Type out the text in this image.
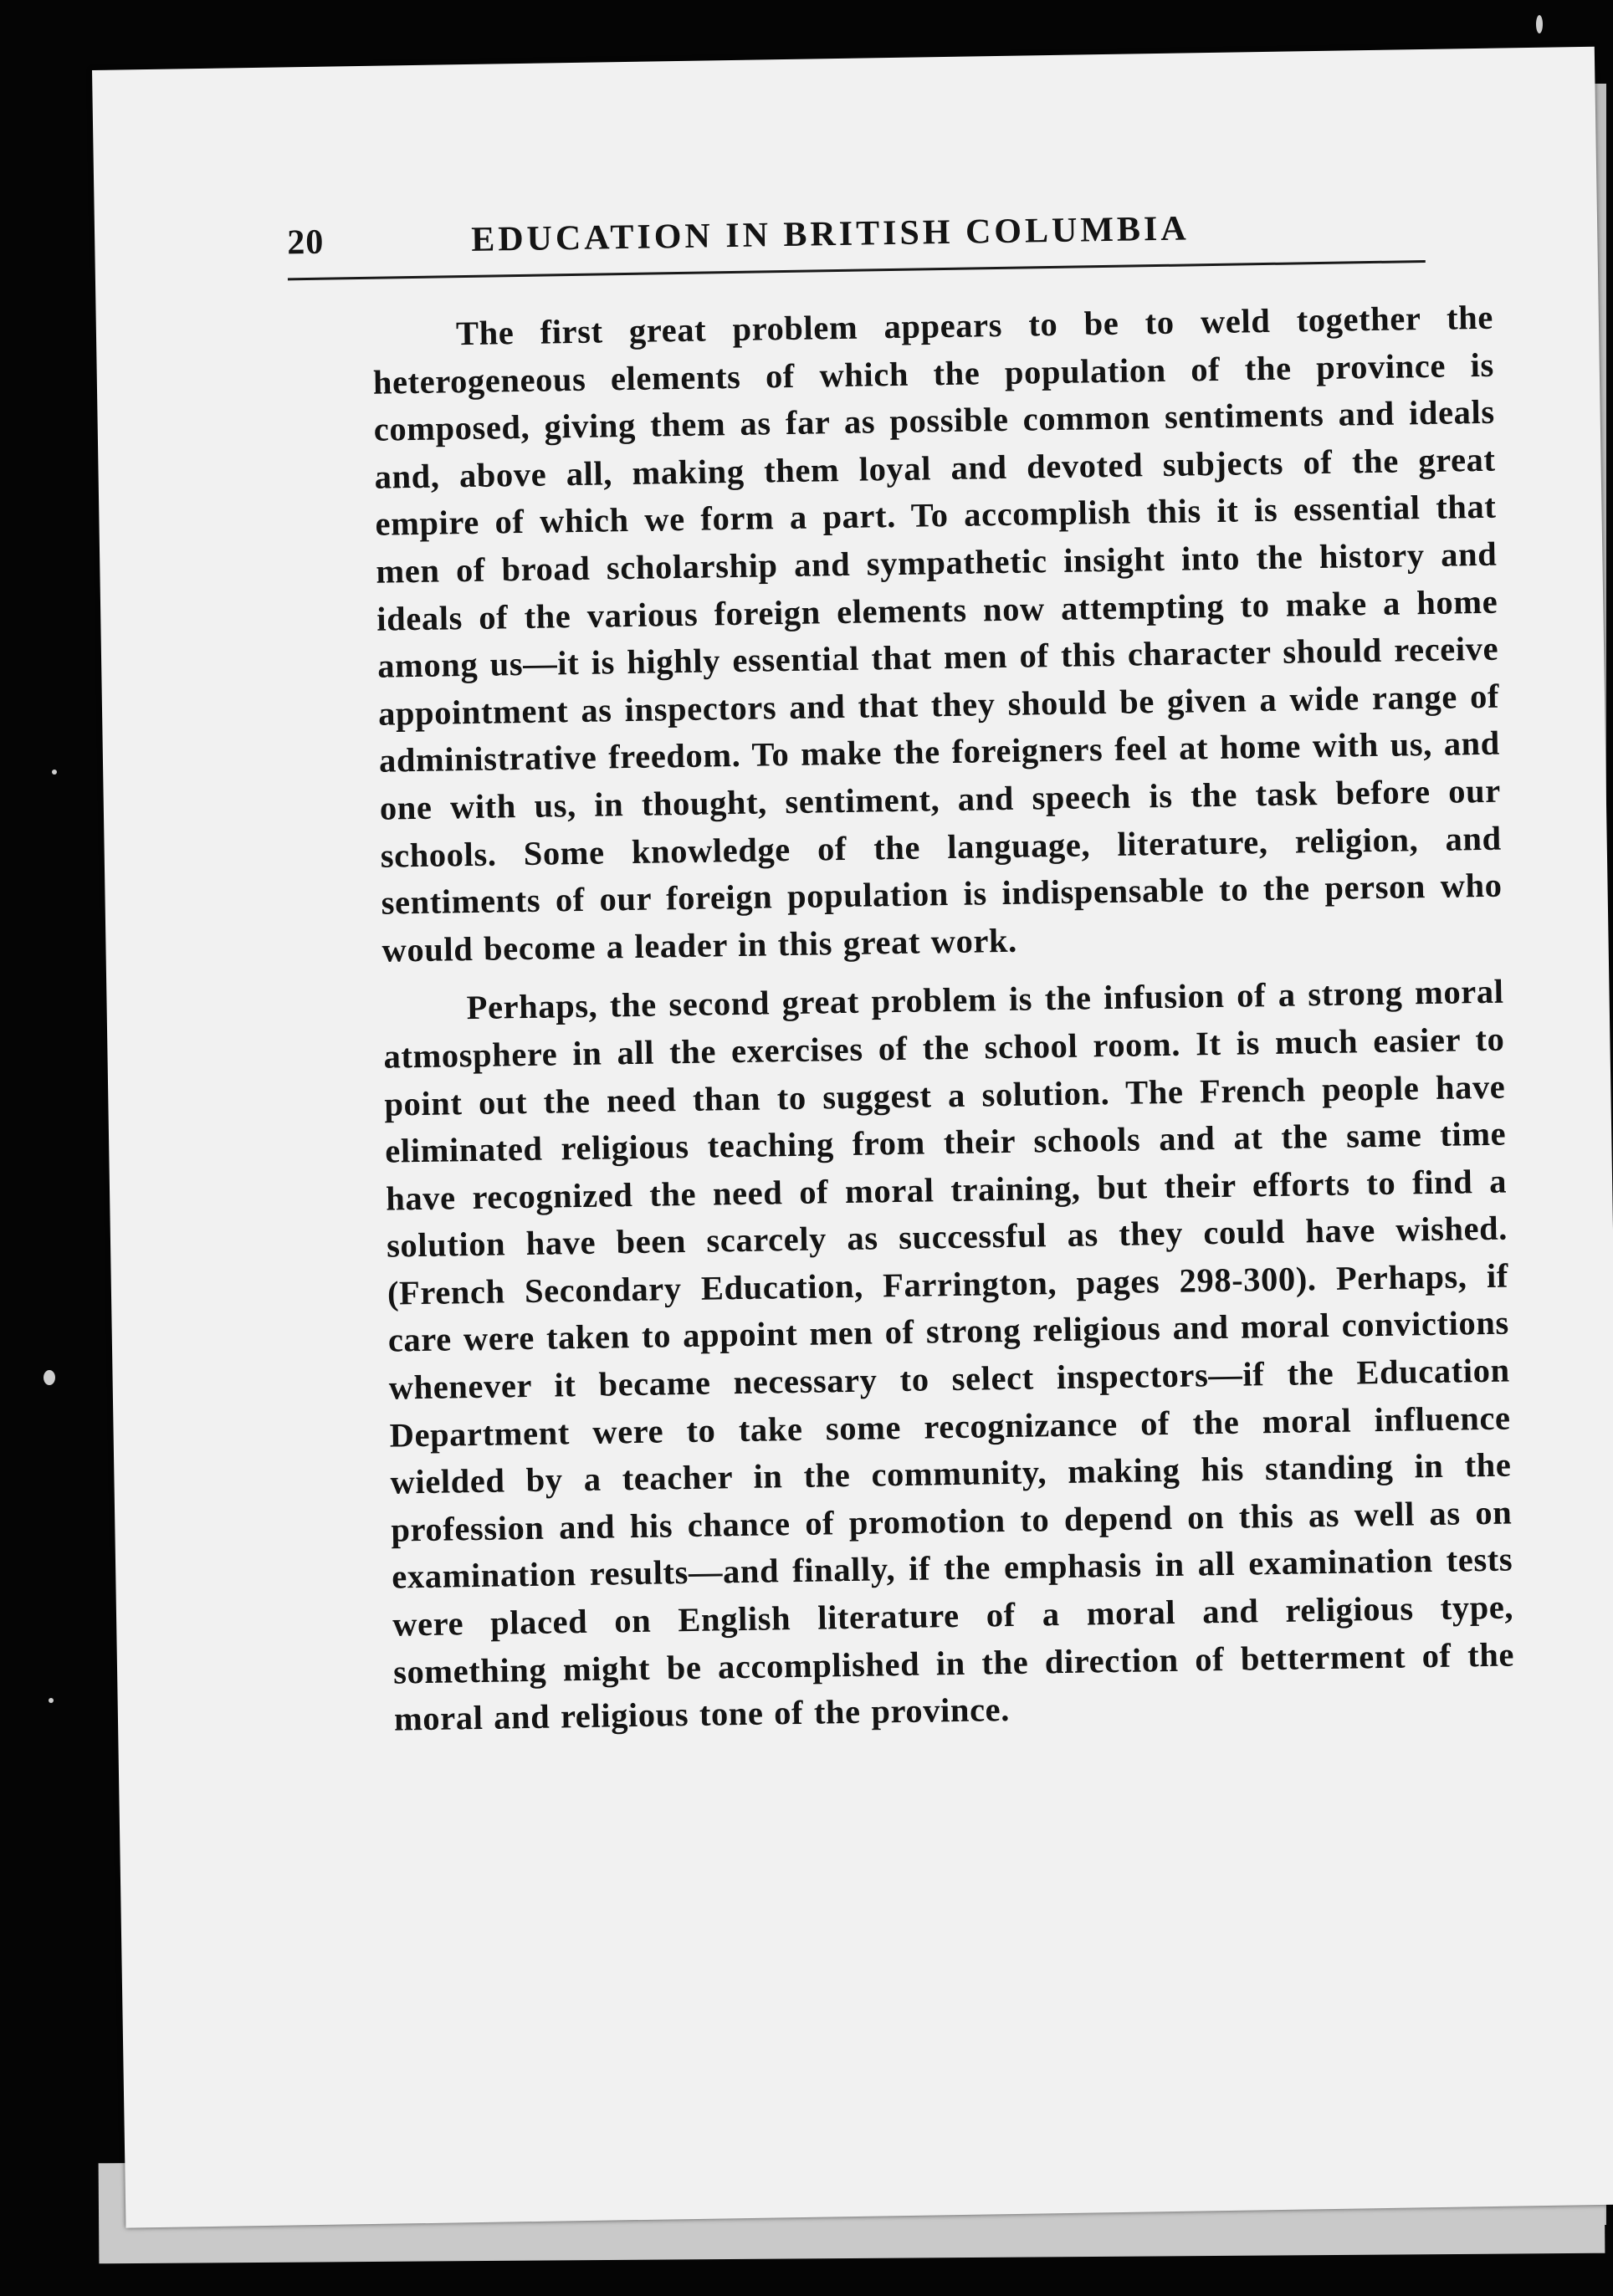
20	EDUCATION IN BRITISH COLUMBIA

The first great problem appears to be to weld together the heterogeneous elements of which the population of the province is composed, giving them as far as possible common sentiments and ideals and, above all, making them loyal and devoted subjects of the great empire of which we form a part. To accomplish this it is essential that men of broad scholarship and sympathetic insight into the history and ideals of the various foreign elements now attempting to make a home among us—it is highly essential that men of this character should receive appointment as inspectors and that they should be given a wide range of administrative freedom. To make the foreigners feel at home with us, and one with us, in thought, sentiment, and speech is the task before our schools. Some knowledge of the language, literature, religion, and sentiments of our foreign population is indispensable to the person who would become a leader in this great work.

Perhaps, the second great problem is the infusion of a strong moral atmosphere in all the exercises of the school room. It is much easier to point out the need than to suggest a solution. The French people have eliminated religious teaching from their schools and at the same time have recognized the need of moral training, but their efforts to find a solution have been scarcely as successful as they could have wished. (French Secondary Education, Farrington, pages 298-300). Perhaps, if care were taken to appoint men of strong religious and moral convictions whenever it became necessary to select inspectors—if the Education Department were to take some recognizance of the moral influence wielded by a teacher in the community, making his standing in the profession and his chance of promotion to depend on this as well as on examination results—and finally, if the emphasis in all examination tests were placed on English literature of a moral and religious type, something might be accomplished in the direction of betterment of the moral and religious tone of the province.
